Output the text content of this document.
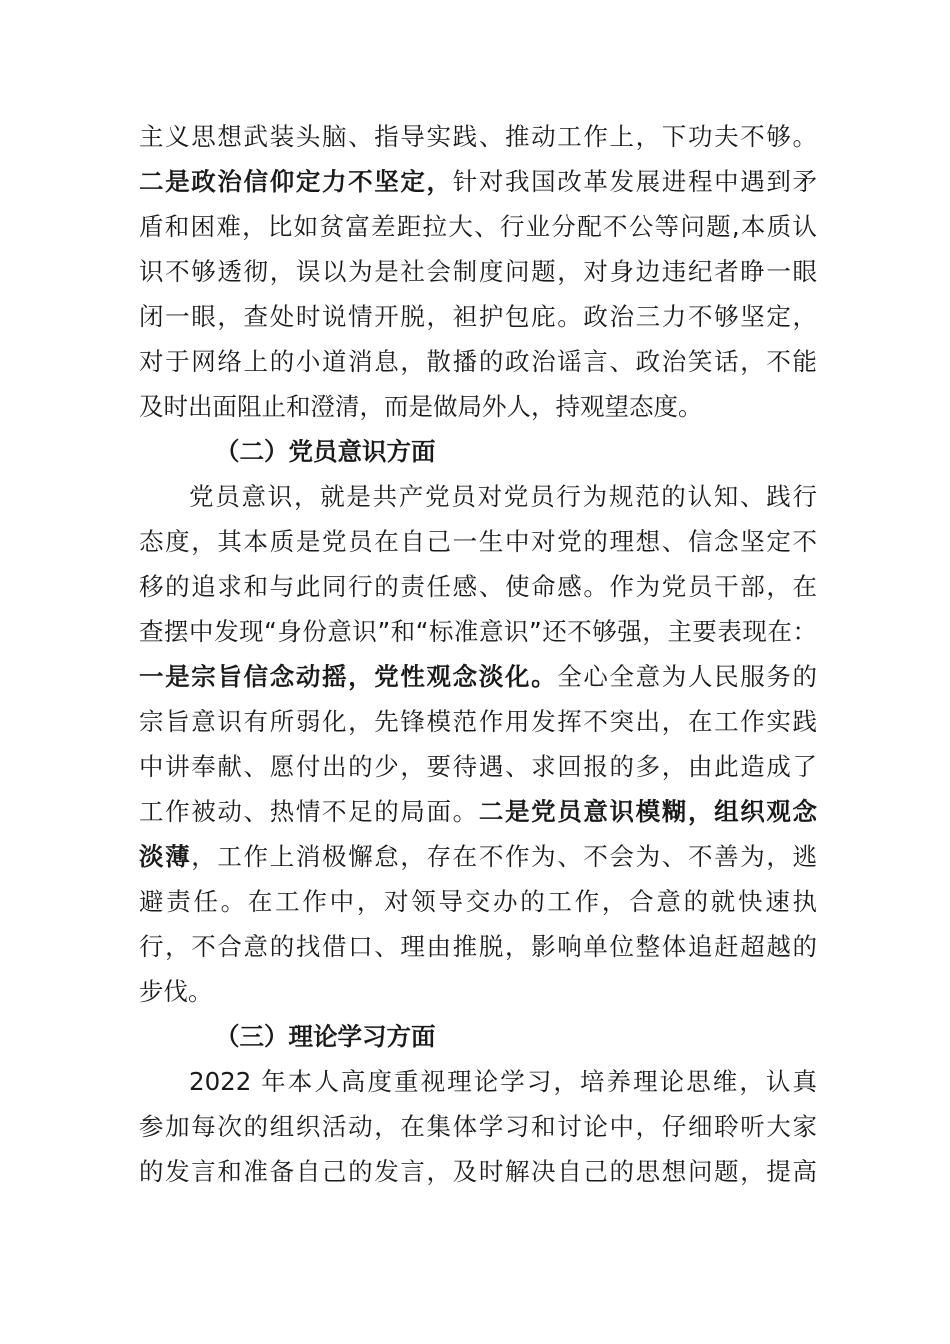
主义思想武装头脑、指导实践、推动工作上，下功夫不够。
二是政治信仰定力不坚定，针对我国改革发展进程中遇到矛
盾和困难，比如贫富差距拉大、行业分配不公等问题,本质认
识不够透彻，误以为是社会制度问题，对身边违纪者睁一眼
闭一眼，查处时说情开脱，袒护包庇。政治三力不够坚定，
对于网络上的小道消息，散播的政治谣言、政治笑话，不能
及时出面阻止和澄清，而是做局外人，持观望态度。
（二）党员意识方面
党员意识，就是共产党员对党员行为规范的认知、践行
态度，其本质是党员在自己一生中对党的理想、信念坚定不
移的追求和与此同行的责任感、使命感。作为党员干部，在
查摆中发现“身份意识”和“标准意识”还不够强，主要表现在：
一是宗旨信念动摇，党性观念淡化。全心全意为人民服务的
宗旨意识有所弱化，先锋模范作用发挥不突出，在工作实践
中讲奉献、愿付出的少，要待遇、求回报的多，由此造成了
工作被动、热情不足的局面。二是党员意识模糊，组织观念
淡薄，工作上消极懈怠，存在不作为、不会为、不善为，逃
避责任。在工作中，对领导交办的工作，合意的就快速执
行，不合意的找借口、理由推脱，影响单位整体追赶超越的
步伐。
（三）理论学习方面
2022 年本人高度重视理论学习，培养理论思维，认真
参加每次的组织活动，在集体学习和讨论中，仔细聆听大家
的发言和准备自己的发言，及时解决自己的思想问题，提高
